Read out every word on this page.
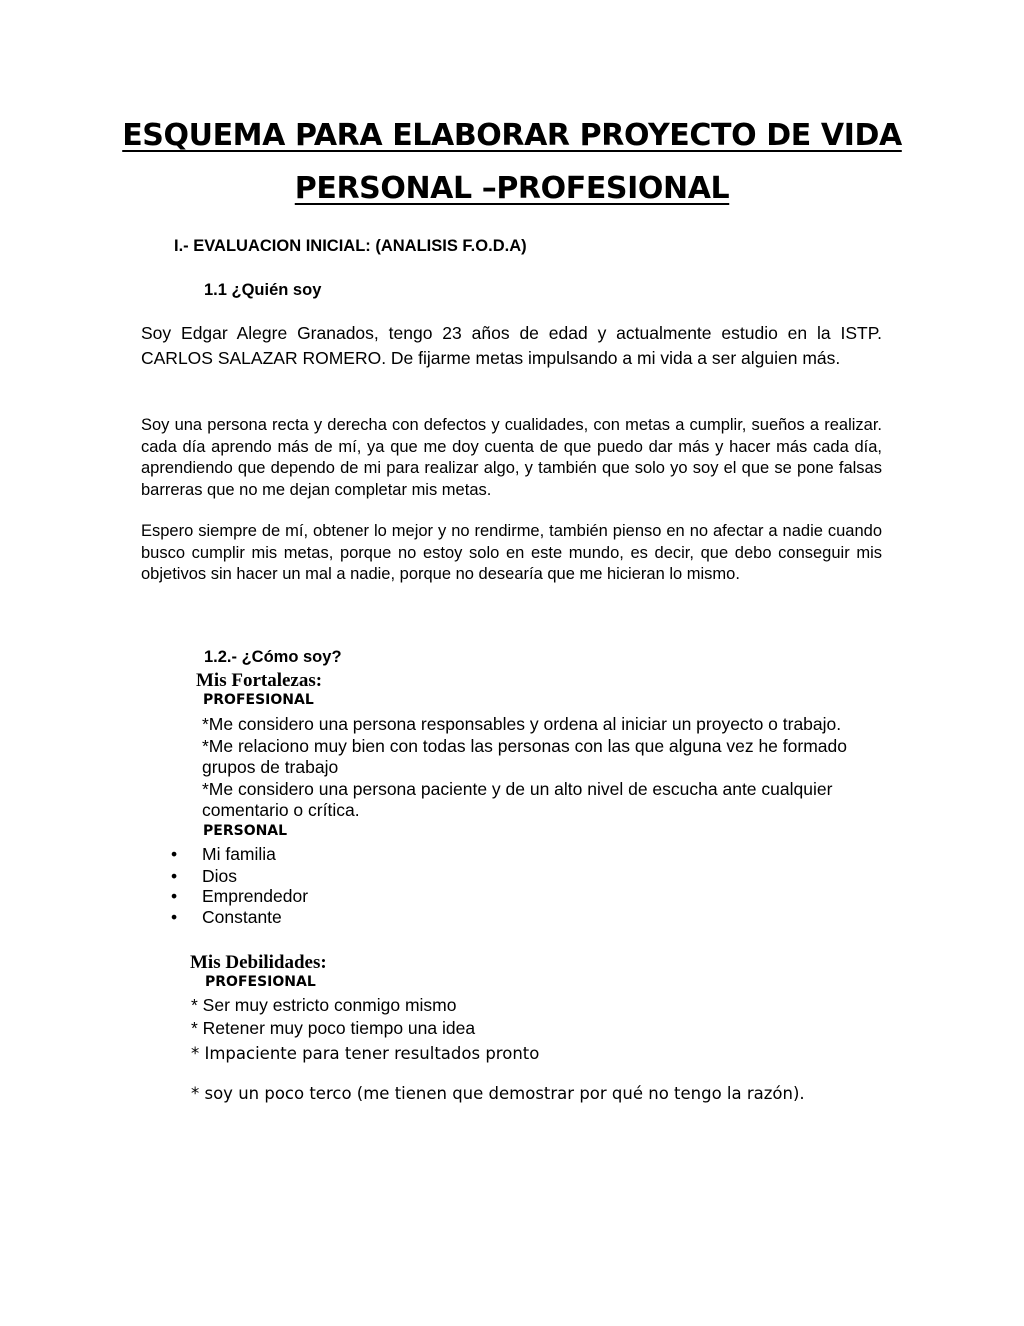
ESQUEMA PARA ELABORAR PROYECTO DE VIDA
PERSONAL –PROFESIONAL

I.- EVALUACION INICIAL: (ANALISIS F.O.D.A)

1.1 ¿Quién soy

Soy Edgar Alegre Granados, tengo 23 años de edad y actualmente estudio en la ISTP. CARLOS SALAZAR ROMERO. De fijarme metas impulsando a mi vida a ser alguien más.

Soy una persona recta y derecha con defectos y cualidades, con metas a cumplir, sueños a realizar. cada día aprendo más de mí, ya que me doy cuenta de que puedo dar más y hacer más cada día, aprendiendo que dependo de mi para realizar algo, y también que solo yo soy el que se pone falsas barreras que no me dejan completar mis metas.

Espero siempre de mí, obtener lo mejor y no rendirme, también pienso en no afectar a nadie cuando busco cumplir mis metas, porque no estoy solo en este mundo, es decir, que debo conseguir mis objetivos sin hacer un mal a nadie, porque no desearía que me hicieran lo mismo.

1.2.- ¿Cómo soy?

Mis Fortalezas:

PROFESIONAL

*Me considero una persona responsables y ordena al iniciar un proyecto o trabajo.

*Me relaciono muy bien con todas las personas con las que alguna vez he formado

grupos de trabajo

*Me considero una persona paciente y de un alto nivel de escucha ante cualquier

comentario o crítica.

PERSONAL

• Mi familia

• Dios

• Emprendedor

• Constante

Mis Debilidades:

PROFESIONAL

* Ser muy estricto conmigo mismo

* Retener muy poco tiempo una idea

* Impaciente para tener resultados pronto

* soy un poco terco (me tienen que demostrar por qué no tengo la razón).
